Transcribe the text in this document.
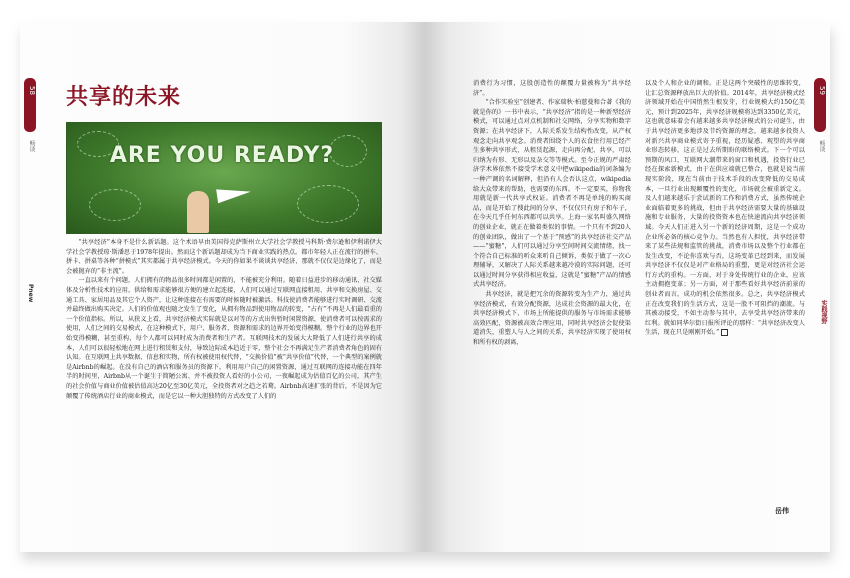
58
畅谈
Pnew
共享的未来
ARE YOU READY?

“共享经济”本身不是什么新话题。这个术语早由美国得克萨斯州立大学社会学教授马科斯·费尔逊和伊利诺伊大学社会学教授琼·斯潘思于1978年提出。然而这个新话题却成为当下商业实践的热点。都市年轻人正在流行的拼车、拼卡、拼桌等各种“拼模式”其实都属于共享经济模式。今天的你如果不谈谈共享经济，那就不仅仅是边缘化了，而是会被抛弃的“非主流”。

一直以来有个问题，人们拥有的物品很多时间都是闲置的，不能被充分利用。随着日益进步的移动通讯、社交媒体及分析性技术的应用，供给和需求能够很方便的建立起连接，人们可以通过互联网直接租用、共享和交换房屋、交通工具、家居用品及其它个人资产，让这种连接在有需要的时候随时被激活。科技使消费者能够进行实时调研、交流并最终做出购买决定。人们的价值观也随之发生了变化，从拥有物品到使用物品的转变，“占有”不再是人们最看重的一个价值指标。所以，从狭义上看，共享经济模式实际就是以对等的方式出售暂时闲置资源，使消费者可以按需求的使用，人们之间的交易模式，在这种模式下，用户、服务者、资源和需求的边界开始变得模糊。整个行业的边界也开始变得模糊，甚至重构，每个人都可以同时成为消费者和生产者。互联网技术的发展大大降低了人们进行共享的成本，人们可以很轻松地在网上进行租赁和支付，导致边际成本趋近于零，整个社会不再满足生产者消费者角色的固有认知。在互联网上共享数据、信息和实物，所有权被使用权代替，“交换价值”被“共享价值”代替，一个典型的案例就是Airbnb的崛起。在没有自己的酒店和服务员的资源下，利用用户自己的闲置资源，通过互联网的连接功能在四年半的时间里，Airbnb从一个诞生于简陋公寓、并不被投资人看好的小公司，一夜崛起成为估值百亿的公司，其产生的社会价值与商业价值被估值高达20亿至30亿美元，全投资者对之趋之若鹜。Airbnb高速扩张的背后，不是因为它颠覆了传统酒店行业的商业模式，而是它以一种大胆独特的方式改变了人们的

59
畅谈
实践视野

消费行为习惯，这股创造性的颠覆力量被称为“共享经济”。

“合作实验室”创建者、作家瑞秋·柏慈曼和合著《我的就是你的》一书中表示，“共享经济”指的是一种新型经济模式，可以通过点对点机制和社交网络，分享实物和数字资源；在共享经济下，人际关系发生结构性改变，从产权观念走向共享观念。消费者围绕个人的衣食住行用已经产生多种共享形式，从租赁起源，走向再分配、共享，可以归纳为有形、无形以及杂交等等模式。至今正规的严肃经济学术界依然不接受学术意义中把wikipedia的词条编为一种产调的名词解释，但沿有人会否认这点，wikipedia给大众带来的帮助，也需要的东西。不一定要买，你物我用就是新一代共享式权证。消费者不再是单纯的购买商品，而是开始了搜此间的分享，不仅仅只有房子和车子，在今天几乎任何东西都可以共享。上海一家名叫盛久网络的创业企业，就正在做着类似的事情。一个只有不到20人的创业团队，做出了一个基于“预感”的共享经济社交产品——“蜜糖”，人们可以通过分享空间时间交流情绪，找一个符合自己标准的听众来听自己倾诉，类似于做了一次心理辅导，又解决了人际关系越来越冷漠的实际问题，还可以通过时间分享获得相应收益，这就是“蜜糖”产品的情感式共享经济。

共享经济，就是把冗余的资源转变为生产力，通过共享经济模式，有效分配资源，达成社会资源的最大化，在共享经济模式下，市场上所能提供的服务与市场需求能够高效匹配，资源被高效合理应用，同时共享经济会促使渠道消失，重塑人与人之间的关系，共享经济实现了使用权和所有权的剥离，

以及个人和企业的调和。正是这两个突破性的思维转变，让汇总资源释放出巨大的价值。2014年，共享经济模式经济领域开始在中国悄然生根发芽，行业规模大约150亿美元，预计到2025年，共享经济规模将达到3350亿美元，这也就意味着会有越来越多共享经济模式的公司诞生，由于共享经济更多地涉及节约资源的理念，越来越多投资人对新兴共享商业模式寄予重视，经历疑惑、观望的共享商业形态转移，这正是过去所期盼的联络模式。下一个可以预期的风口，互联网大潮带来的窗口和机遇，投资行业已经在探索新模式，由于在供应端就已整合，也就是说当前现实阶段，现在当前由于技术手段的改变降低的交易成本，一旦行业出现颠覆性的变化，市场就会被重新定义。及人们越来越乐于尝试新的工作和消费方式，虽然传统企业面临着更多的挑战，但由于共享经济需要大量的基础设施和专业服务，大量的投资资本也在快速流向共享经济领域。今天人们正进入另一个新的经济周期，这是一个成功企业所必备的核心竞争力。当然也有人担忧，共享经济带来了某些法规和监管的挑战，消费市场以及整个行业都在发生改变，不论你喜欢与否，这场变革已经到来，而发展共享经济不仅仅是对产业格局的重塑，更是对经济社会运行方式的重构。一方面，对于身处传统行业的企业，应该主动拥抱变革；另一方面，对于那些看好共享经济前景的创业者而言，成功的机会依然很多。总之，共享经济模式正在改变我们的生活方式，这是一股不可阻挡的潮流。与其被动接受，不如主动参与其中，去享受共享经济带来的红利。就如同华尔街日报所评论的那样：“共享经济改变人生活，现在只是刚刚开始。”

岳伟
